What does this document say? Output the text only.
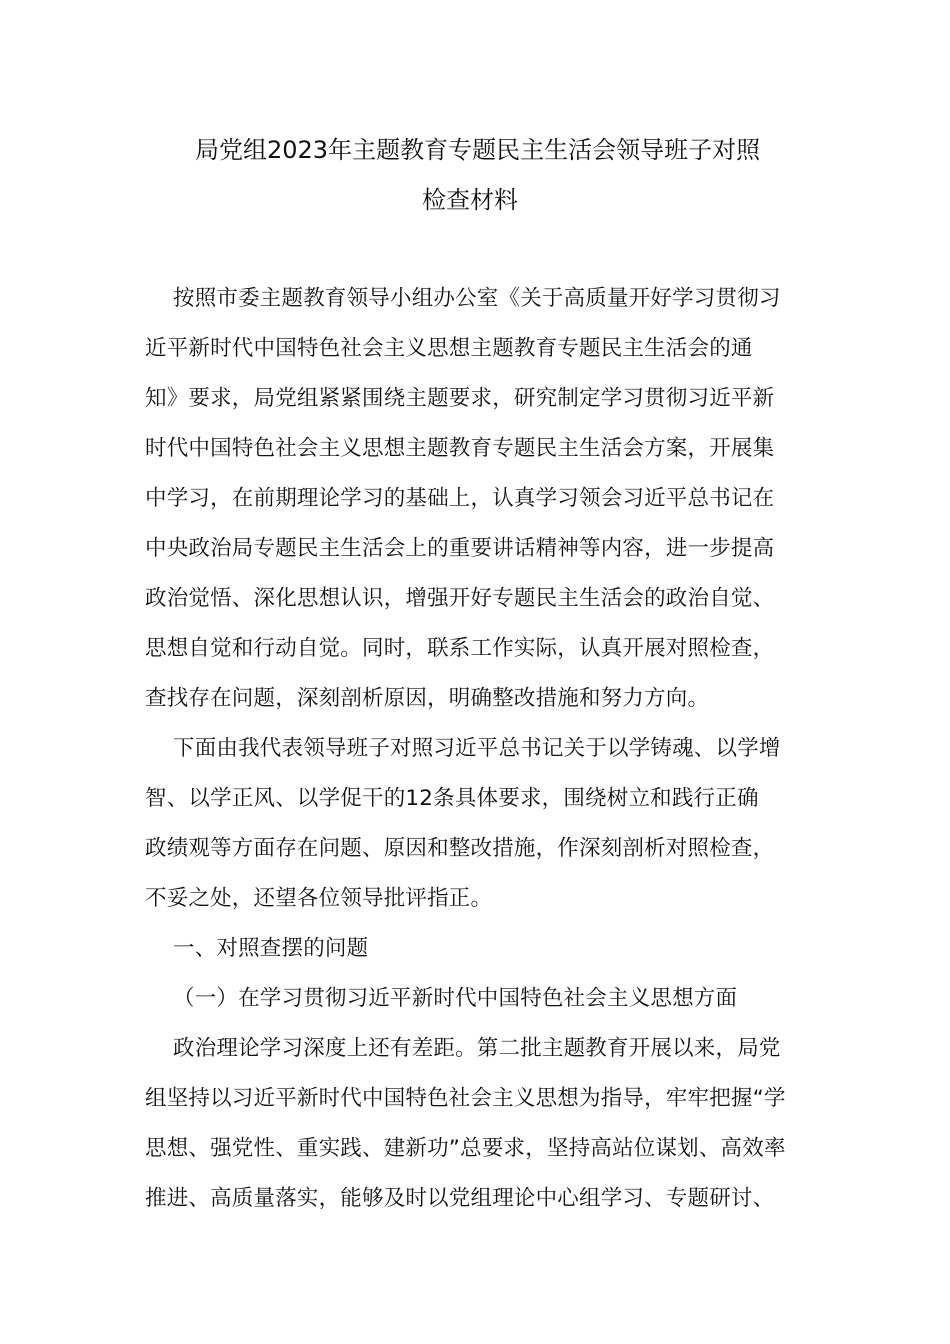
局党组2023年主题教育专题民主生活会领导班子对照
检查材料
按照市委主题教育领导小组办公室《关于高质量开好学习贯彻习
近平新时代中国特色社会主义思想主题教育专题民主生活会的通
知》要求，局党组紧紧围绕主题要求，研究制定学习贯彻习近平新
时代中国特色社会主义思想主题教育专题民主生活会方案，开展集
中学习，在前期理论学习的基础上，认真学习领会习近平总书记在
中央政治局专题民主生活会上的重要讲话精神等内容，进一步提高
政治觉悟、深化思想认识，增强开好专题民主生活会的政治自觉、
思想自觉和行动自觉。同时，联系工作实际，认真开展对照检查，
查找存在问题，深刻剖析原因，明确整改措施和努力方向。
下面由我代表领导班子对照习近平总书记关于以学铸魂、以学增
智、以学正风、以学促干的12条具体要求，围绕树立和践行正确
政绩观等方面存在问题、原因和整改措施，作深刻剖析对照检查，
不妥之处，还望各位领导批评指正。
一、对照查摆的问题
（一）在学习贯彻习近平新时代中国特色社会主义思想方面
政治理论学习深度上还有差距。第二批主题教育开展以来，局党
组坚持以习近平新时代中国特色社会主义思想为指导，牢牢把握“学
思想、强党性、重实践、建新功”总要求，坚持高站位谋划、高效率
推进、高质量落实，能够及时以党组理论中心组学习、专题研讨、
